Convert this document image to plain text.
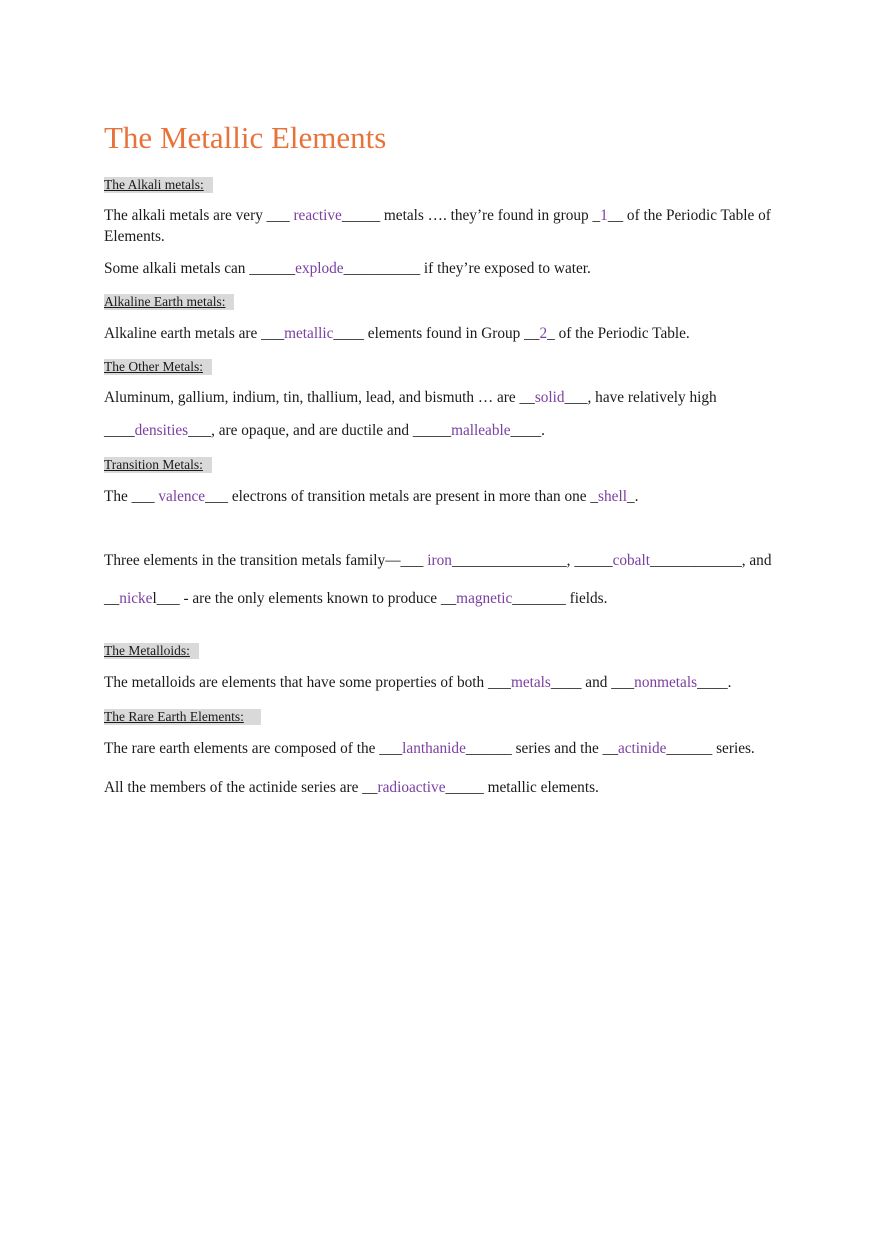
The Metallic Elements
The Alkali metals:

The alkali metals are very ___ reactive_____ metals …. they’re found in group _1__ of the Periodic Table of Elements.

Some alkali metals can ______explode__________ if they’re exposed to water.

Alkaline Earth metals:

Alkaline earth metals are ___metallic____ elements found in Group __2_ of the Periodic Table.

The Other Metals:

Aluminum, gallium, indium, tin, thallium, lead, and bismuth … are __solid___, have relatively high

____densities___, are opaque, and are ductile and _____malleable____.

Transition Metals:

The ___ valence___ electrons of transition metals are present in more than one _shell_.

Three elements in the transition metals family—___ iron_______________, _____cobalt____________, and

__nickel___ - are the only elements known to produce __magnetic_______ fields.

The Metalloids:

The metalloids are elements that have some properties of both ___metals____ and ___nonmetals____.

The Rare Earth Elements:

The rare earth elements are composed of the ___lanthanide______ series and the __actinide______ series.

All the members of the actinide series are __radioactive_____ metallic elements.
